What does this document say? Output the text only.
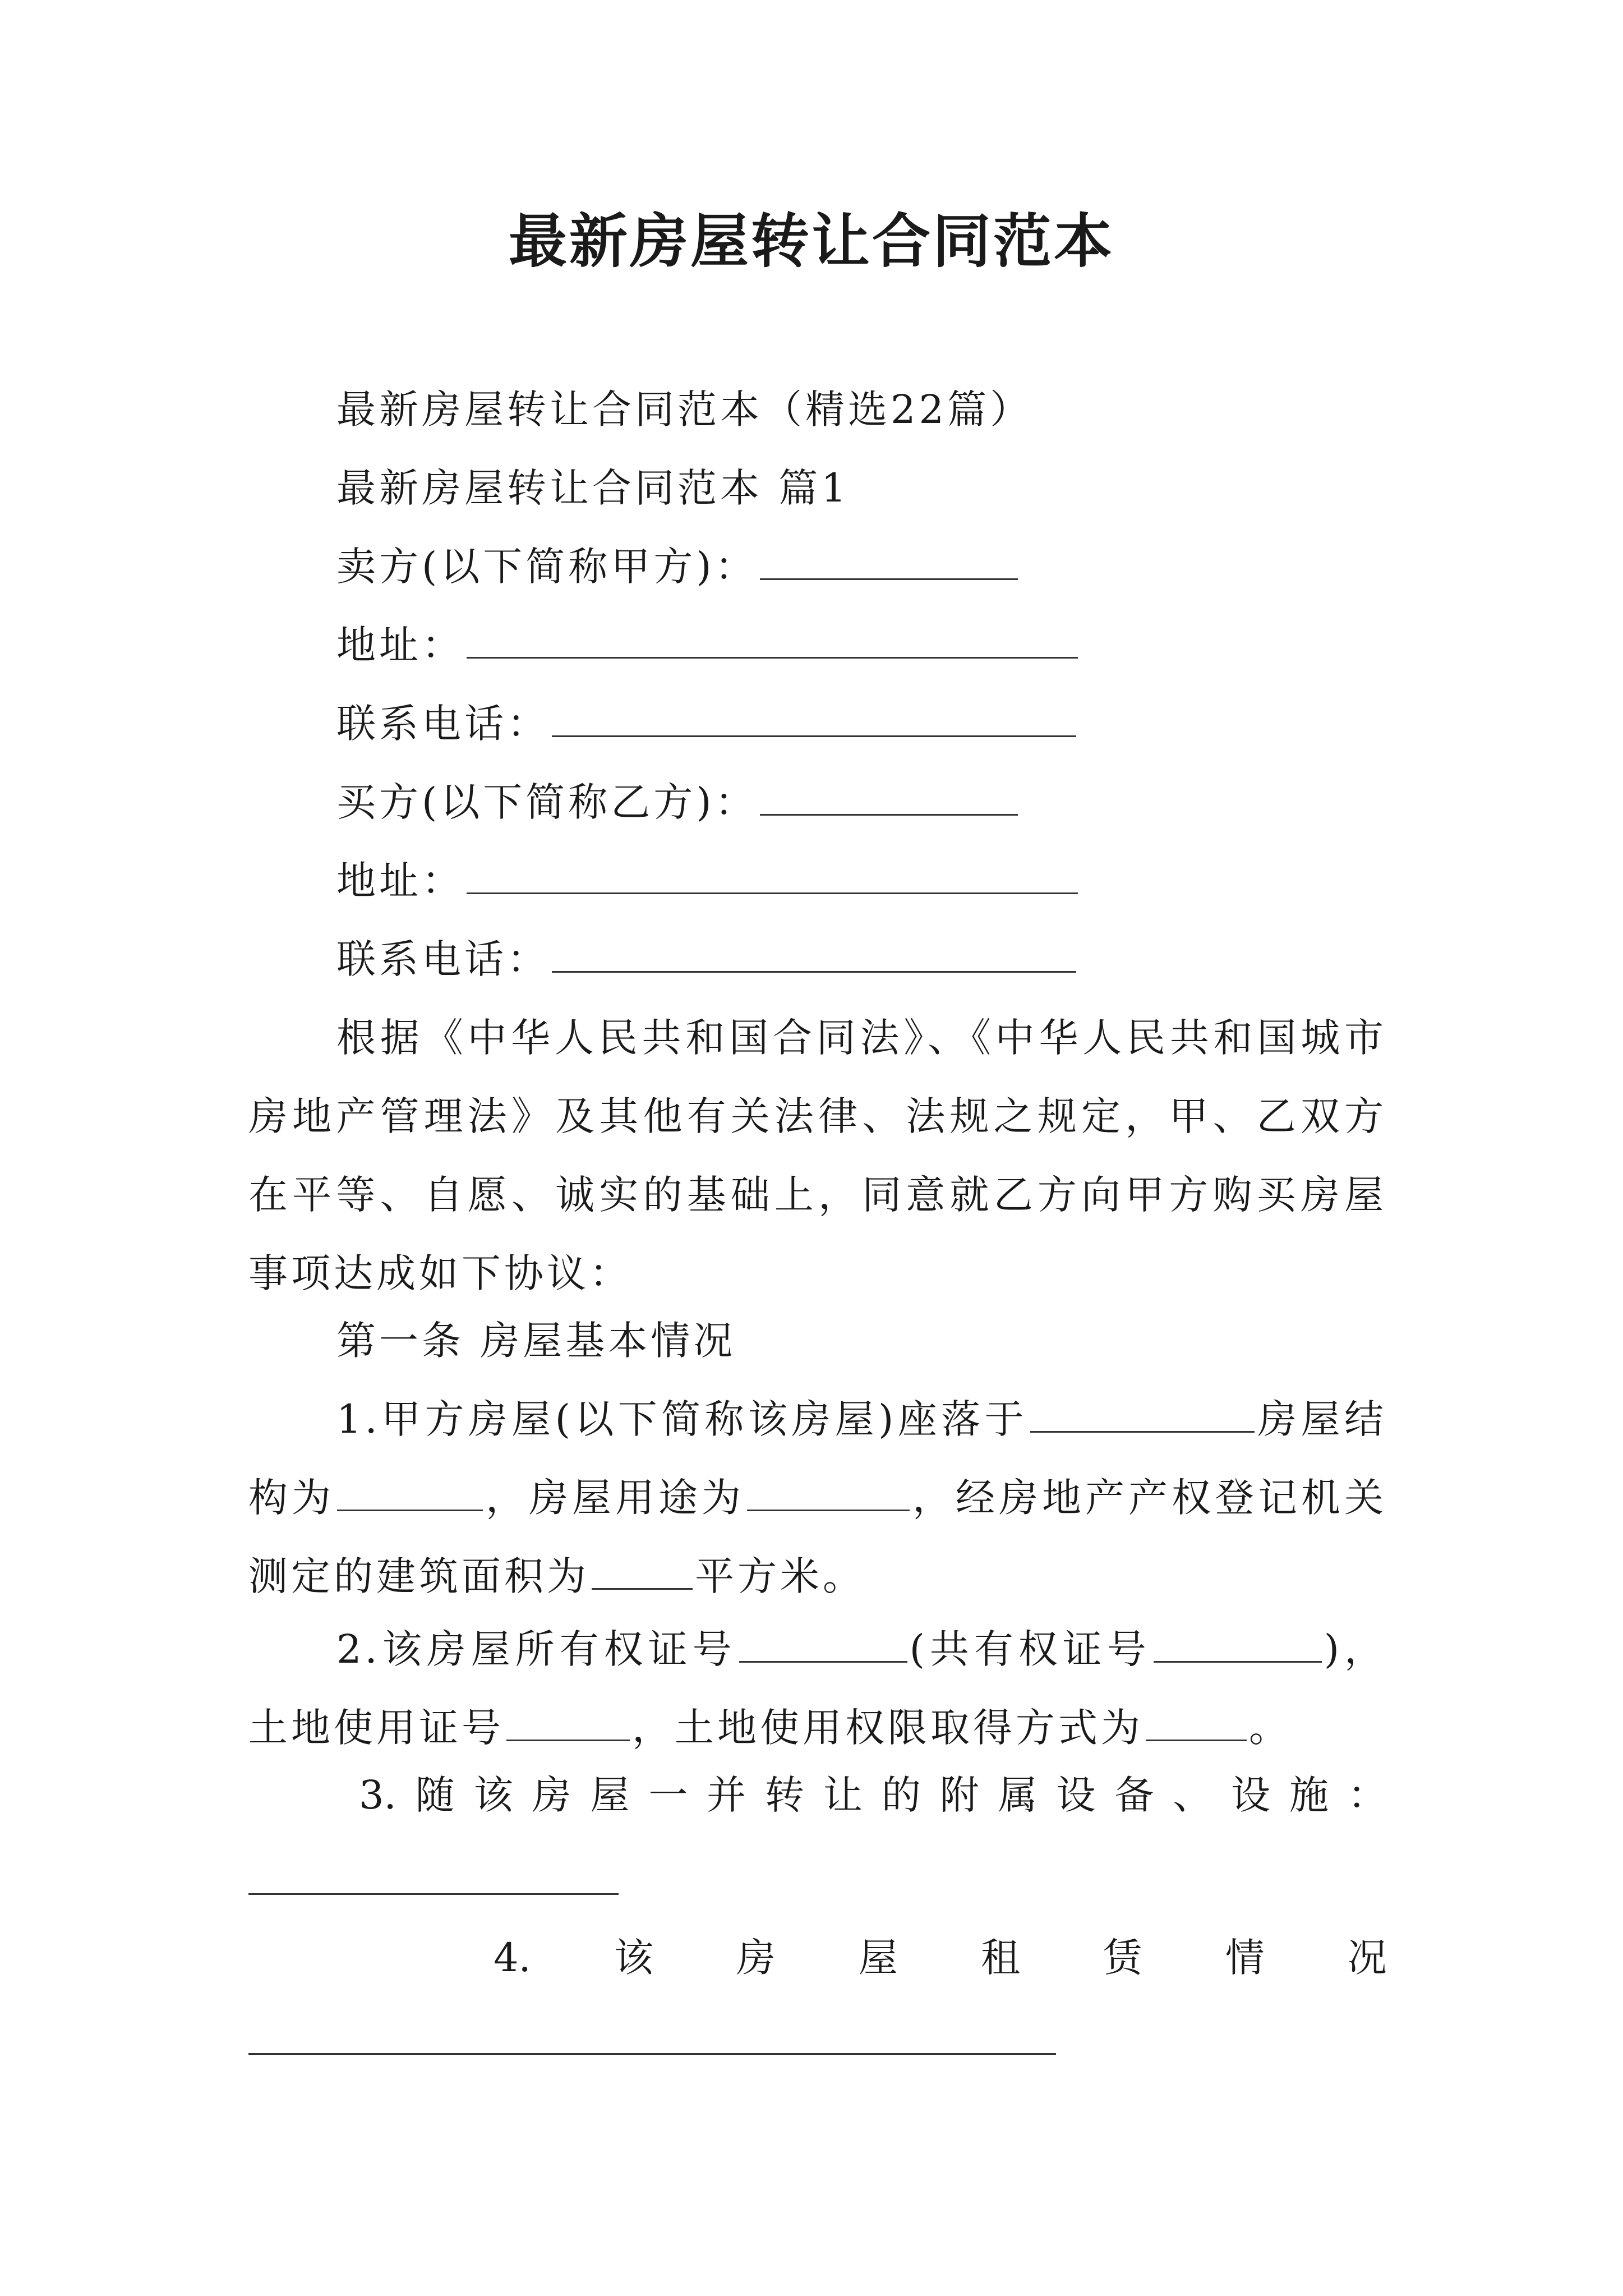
最新房屋转让合同范本
最新房屋转让合同范本（精选22篇）
最新房屋转让合同范本 篇1
卖方(以下简称甲方)：
地址：
联系电话：
买方(以下简称乙方)：
地址：
联系电话：
根据《中华人民共和国合同法》、《中华人民共和国城市房地产管理法》及其他有关法律、法规之规定，甲、乙双方在平等、自愿、诚实的基础上，同意就乙方向甲方购买房屋事项达成如下协议：
第一条 房屋基本情况
1.甲方房屋(以下简称该房屋)座落于	房屋结构为	，房屋用途为	，经房地产产权登记机关测定的建筑面积为	平方米。
2.该房屋所有权证号	(共有权证号	)，土地使用证号	，土地使用权限取得方式为	。
3. 随 该 房 屋 一 并 转 让 的 附 属 设 备 、 设 施 ：
4. 该 房 屋 租 赁 情 况
